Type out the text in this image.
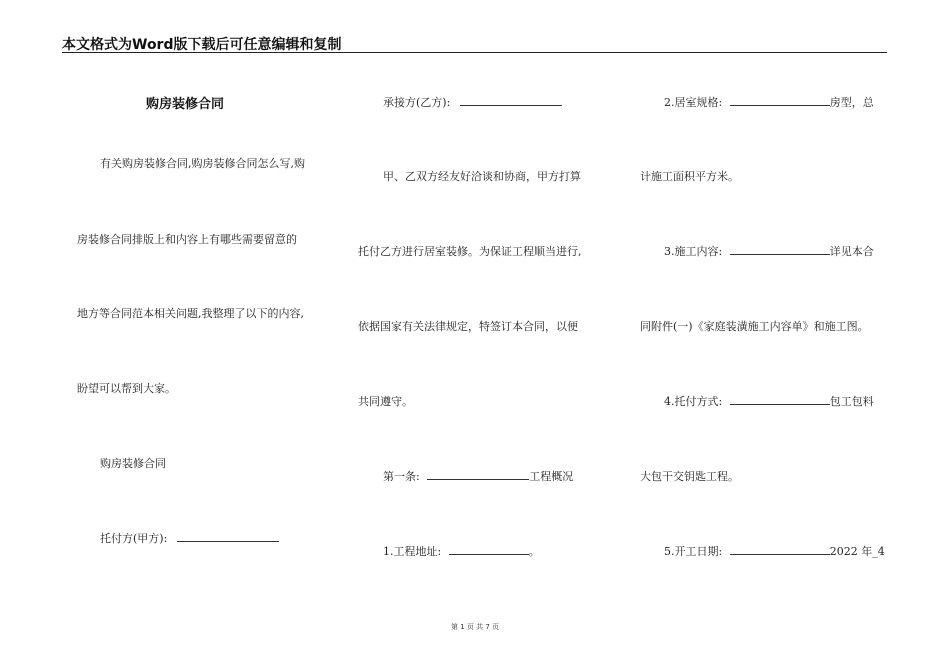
本文格式为Word版下载后可任意编辑和复制
购房装修合同
有关购房装修合同,购房装修合同怎么写,购
房装修合同排版上和内容上有哪些需要留意的
地方等合同范本相关问题,我整理了以下的内容,
盼望可以帮到大家。
购房装修合同
托付方(甲方):
承接方(乙方):
甲、乙双方经友好洽谈和协商，甲方打算
托付乙方进行居室装修。为保证工程顺当进行,
依据国家有关法律规定，特签订本合同，以便
共同遵守。
第一条:	工程概况
1.工程地址:	。
2.居室规格:	房型，总
计施工面积平方米。
3.施工内容:	详见本合
同附件(一)《家庭装潢施工内容单》和施工图。
4.托付方式:	包工包料
大包干交钥匙工程。
5.开工日期:	2022 年_4
第 1 页 共 7 页
